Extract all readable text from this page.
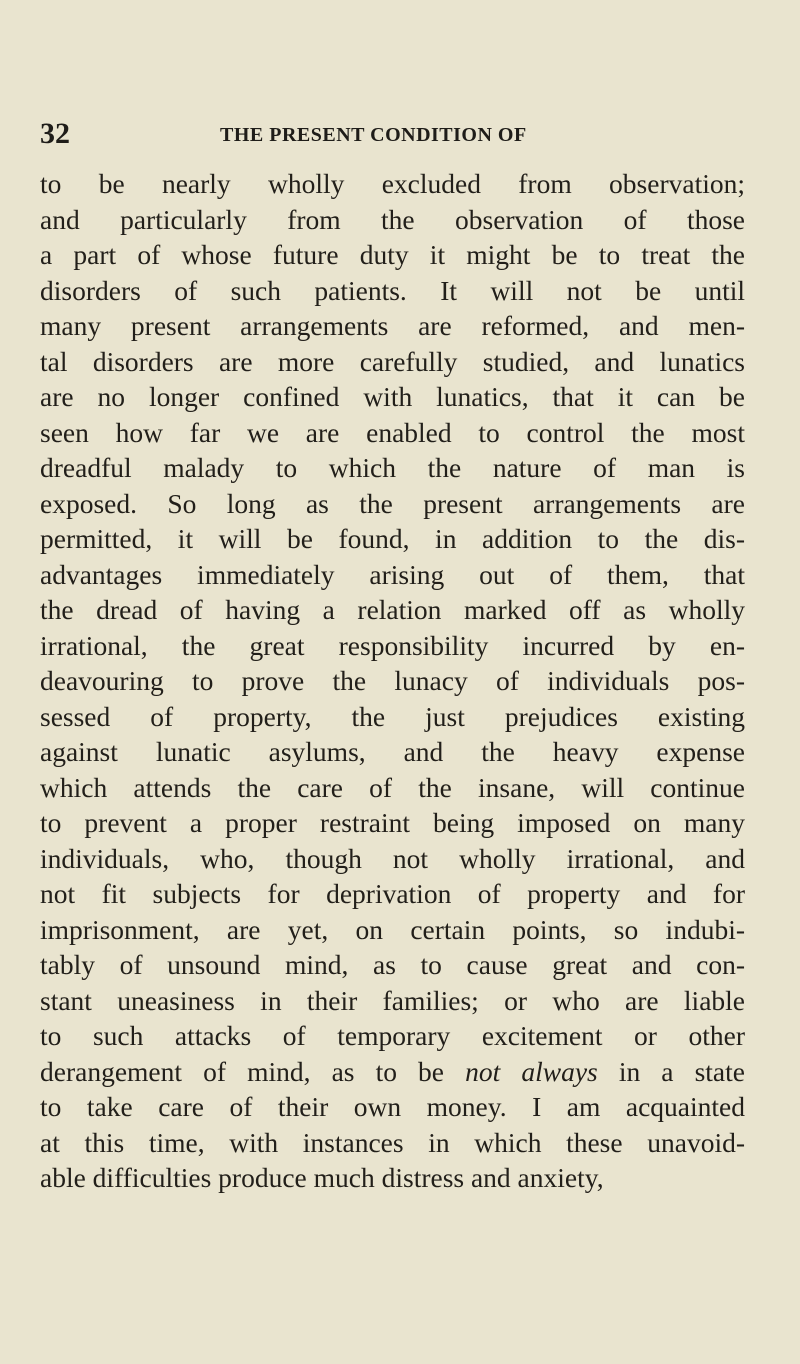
32	THE PRESENT CONDITION OF
to be nearly wholly excluded from observation;
and particularly from the observation of those
a part of whose future duty it might be to treat the
disorders of such patients. It will not be until
many present arrangements are reformed, and men-
tal disorders are more carefully studied, and lunatics
are no longer confined with lunatics, that it can be
seen how far we are enabled to control the most
dreadful malady to which the nature of man is
exposed. So long as the present arrangements are
permitted, it will be found, in addition to the dis-
advantages immediately arising out of them, that
the dread of having a relation marked off as wholly
irrational, the great responsibility incurred by en-
deavouring to prove the lunacy of individuals pos-
sessed of property, the just prejudices existing
against lunatic asylums, and the heavy expense
which attends the care of the insane, will continue
to prevent a proper restraint being imposed on many
individuals, who, though not wholly irrational, and
not fit subjects for deprivation of property and for
imprisonment, are yet, on certain points, so indubi-
tably of unsound mind, as to cause great and con-
stant uneasiness in their families; or who are liable
to such attacks of temporary excitement or other
derangement of mind, as to be not always in a state
to take care of their own money. I am acquainted
at this time, with instances in which these unavoid-
able difficulties produce much distress and anxiety,
